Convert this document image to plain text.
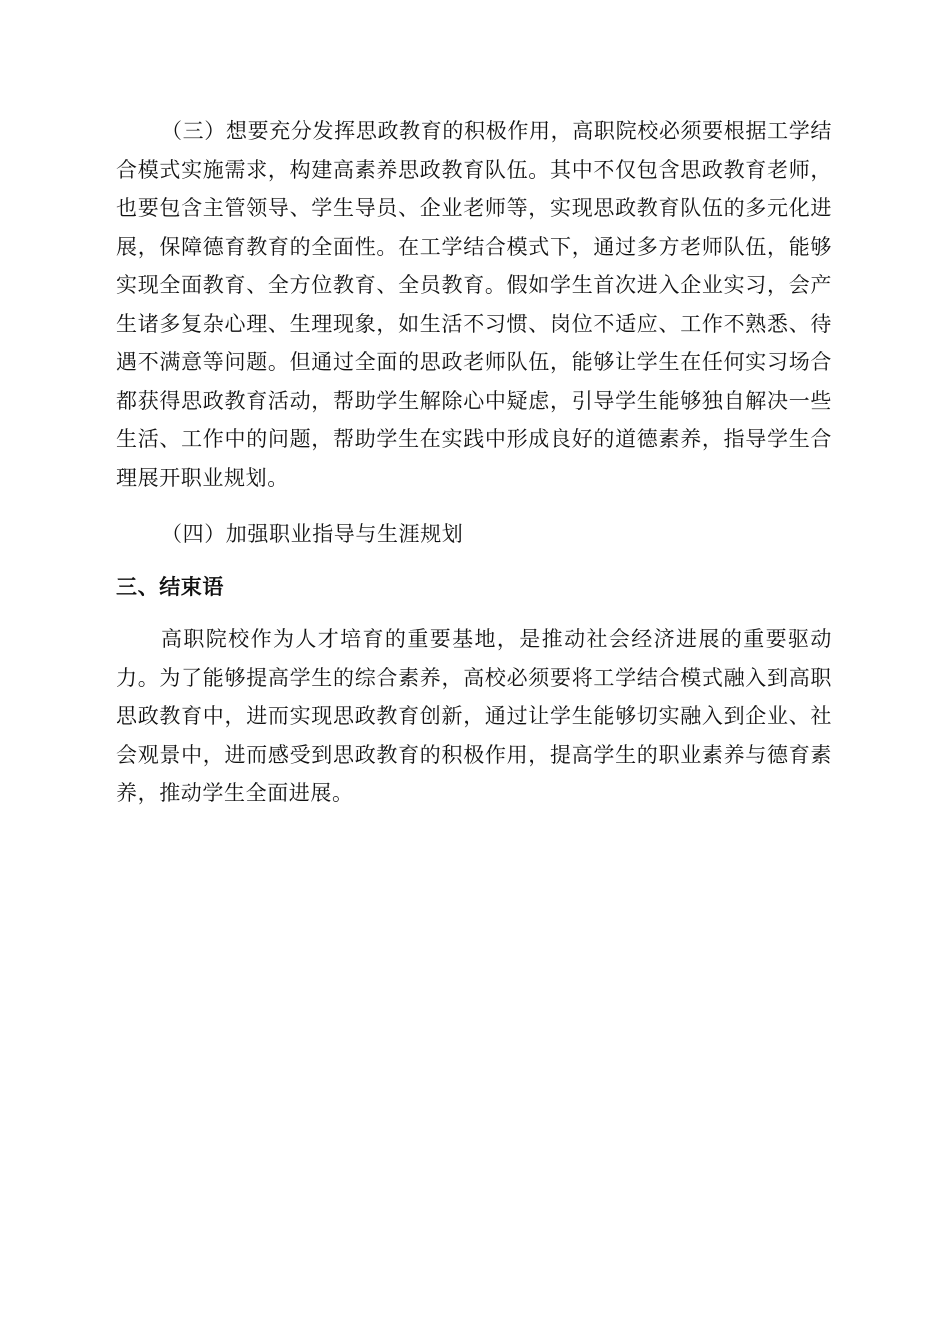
（三）想要充分发挥思政教育的积极作用，高职院校必须要根据工学结合模式实施需求，构建高素养思政教育队伍。其中不仅包含思政教育老师，也要包含主管领导、学生导员、企业老师等，实现思政教育队伍的多元化进展，保障德育教育的全面性。在工学结合模式下，通过多方老师队伍，能够实现全面教育、全方位教育、全员教育。假如学生首次进入企业实习，会产生诸多复杂心理、生理现象，如生活不习惯、岗位不适应、工作不熟悉、待遇不满意等问题。但通过全面的思政老师队伍，能够让学生在任何实习场合都获得思政教育活动，帮助学生解除心中疑虑，引导学生能够独自解决一些生活、工作中的问题，帮助学生在实践中形成良好的道德素养，指导学生合理展开职业规划。

（四）加强职业指导与生涯规划

三、结束语

高职院校作为人才培育的重要基地，是推动社会经济进展的重要驱动力。为了能够提高学生的综合素养，高校必须要将工学结合模式融入到高职思政教育中，进而实现思政教育创新，通过让学生能够切实融入到企业、社会观景中，进而感受到思政教育的积极作用，提高学生的职业素养与德育素养，推动学生全面进展。
